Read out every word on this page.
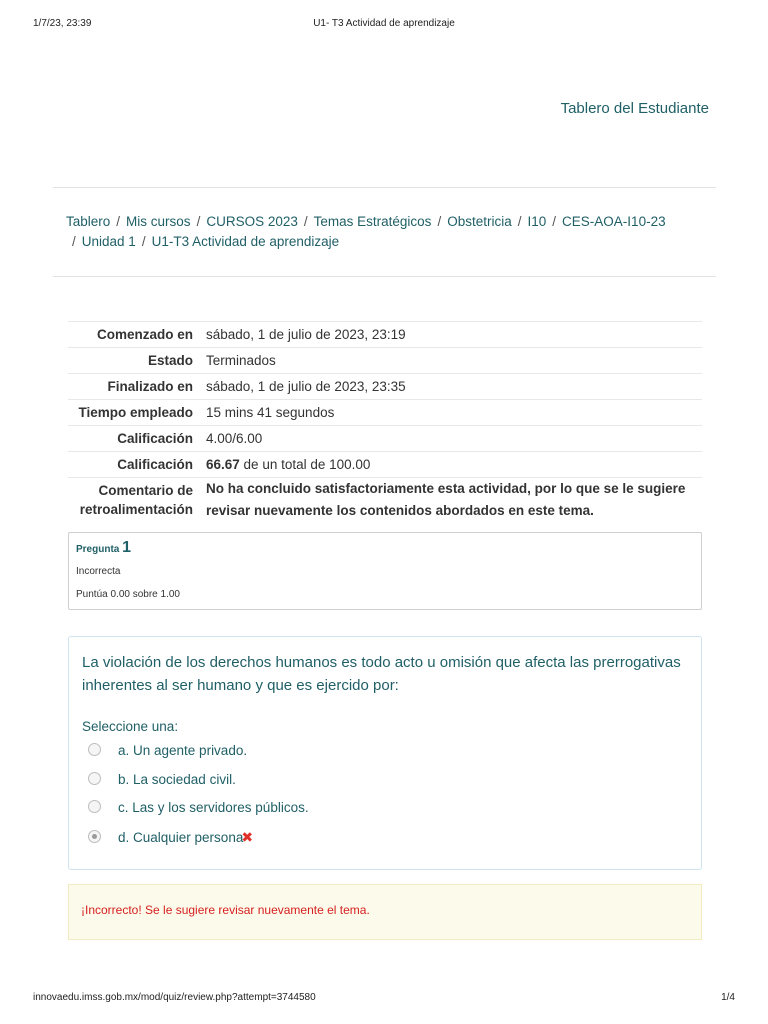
1/7/23, 23:39	U1- T3 Actividad de aprendizaje
Tablero del Estudiante
Tablero / Mis cursos / CURSOS 2023 / Temas Estratégicos / Obstetricia / I10 / CES-AOA-I10-23
/ Unidad 1 / U1-T3 Actividad de aprendizaje
Comenzado en	sábado, 1 de julio de 2023, 23:19
Estado	Terminados
Finalizado en	sábado, 1 de julio de 2023, 23:35
Tiempo empleado	15 mins 41 segundos
Calificación	4.00/6.00
Calificación	66.67 de un total de 100.00
Comentario de
retroalimentación	No ha concluido satisfactoriamente esta actividad, por lo que se le sugiere revisar nuevamente los contenidos abordados en este tema.
Pregunta 1
Incorrecta
Puntúa 0.00 sobre 1.00
La violación de los derechos humanos es todo acto u omisión que afecta las prerrogativas inherentes al ser humano y que es ejercido por:
Seleccione una:
a. Un agente privado.
b. La sociedad civil.
c. Las y los servidores públicos.
d. Cualquier persona✖
¡Incorrecto! Se le sugiere revisar nuevamente el tema.
innovaedu.imss.gob.mx/mod/quiz/review.php?attempt=3744580	1/4
